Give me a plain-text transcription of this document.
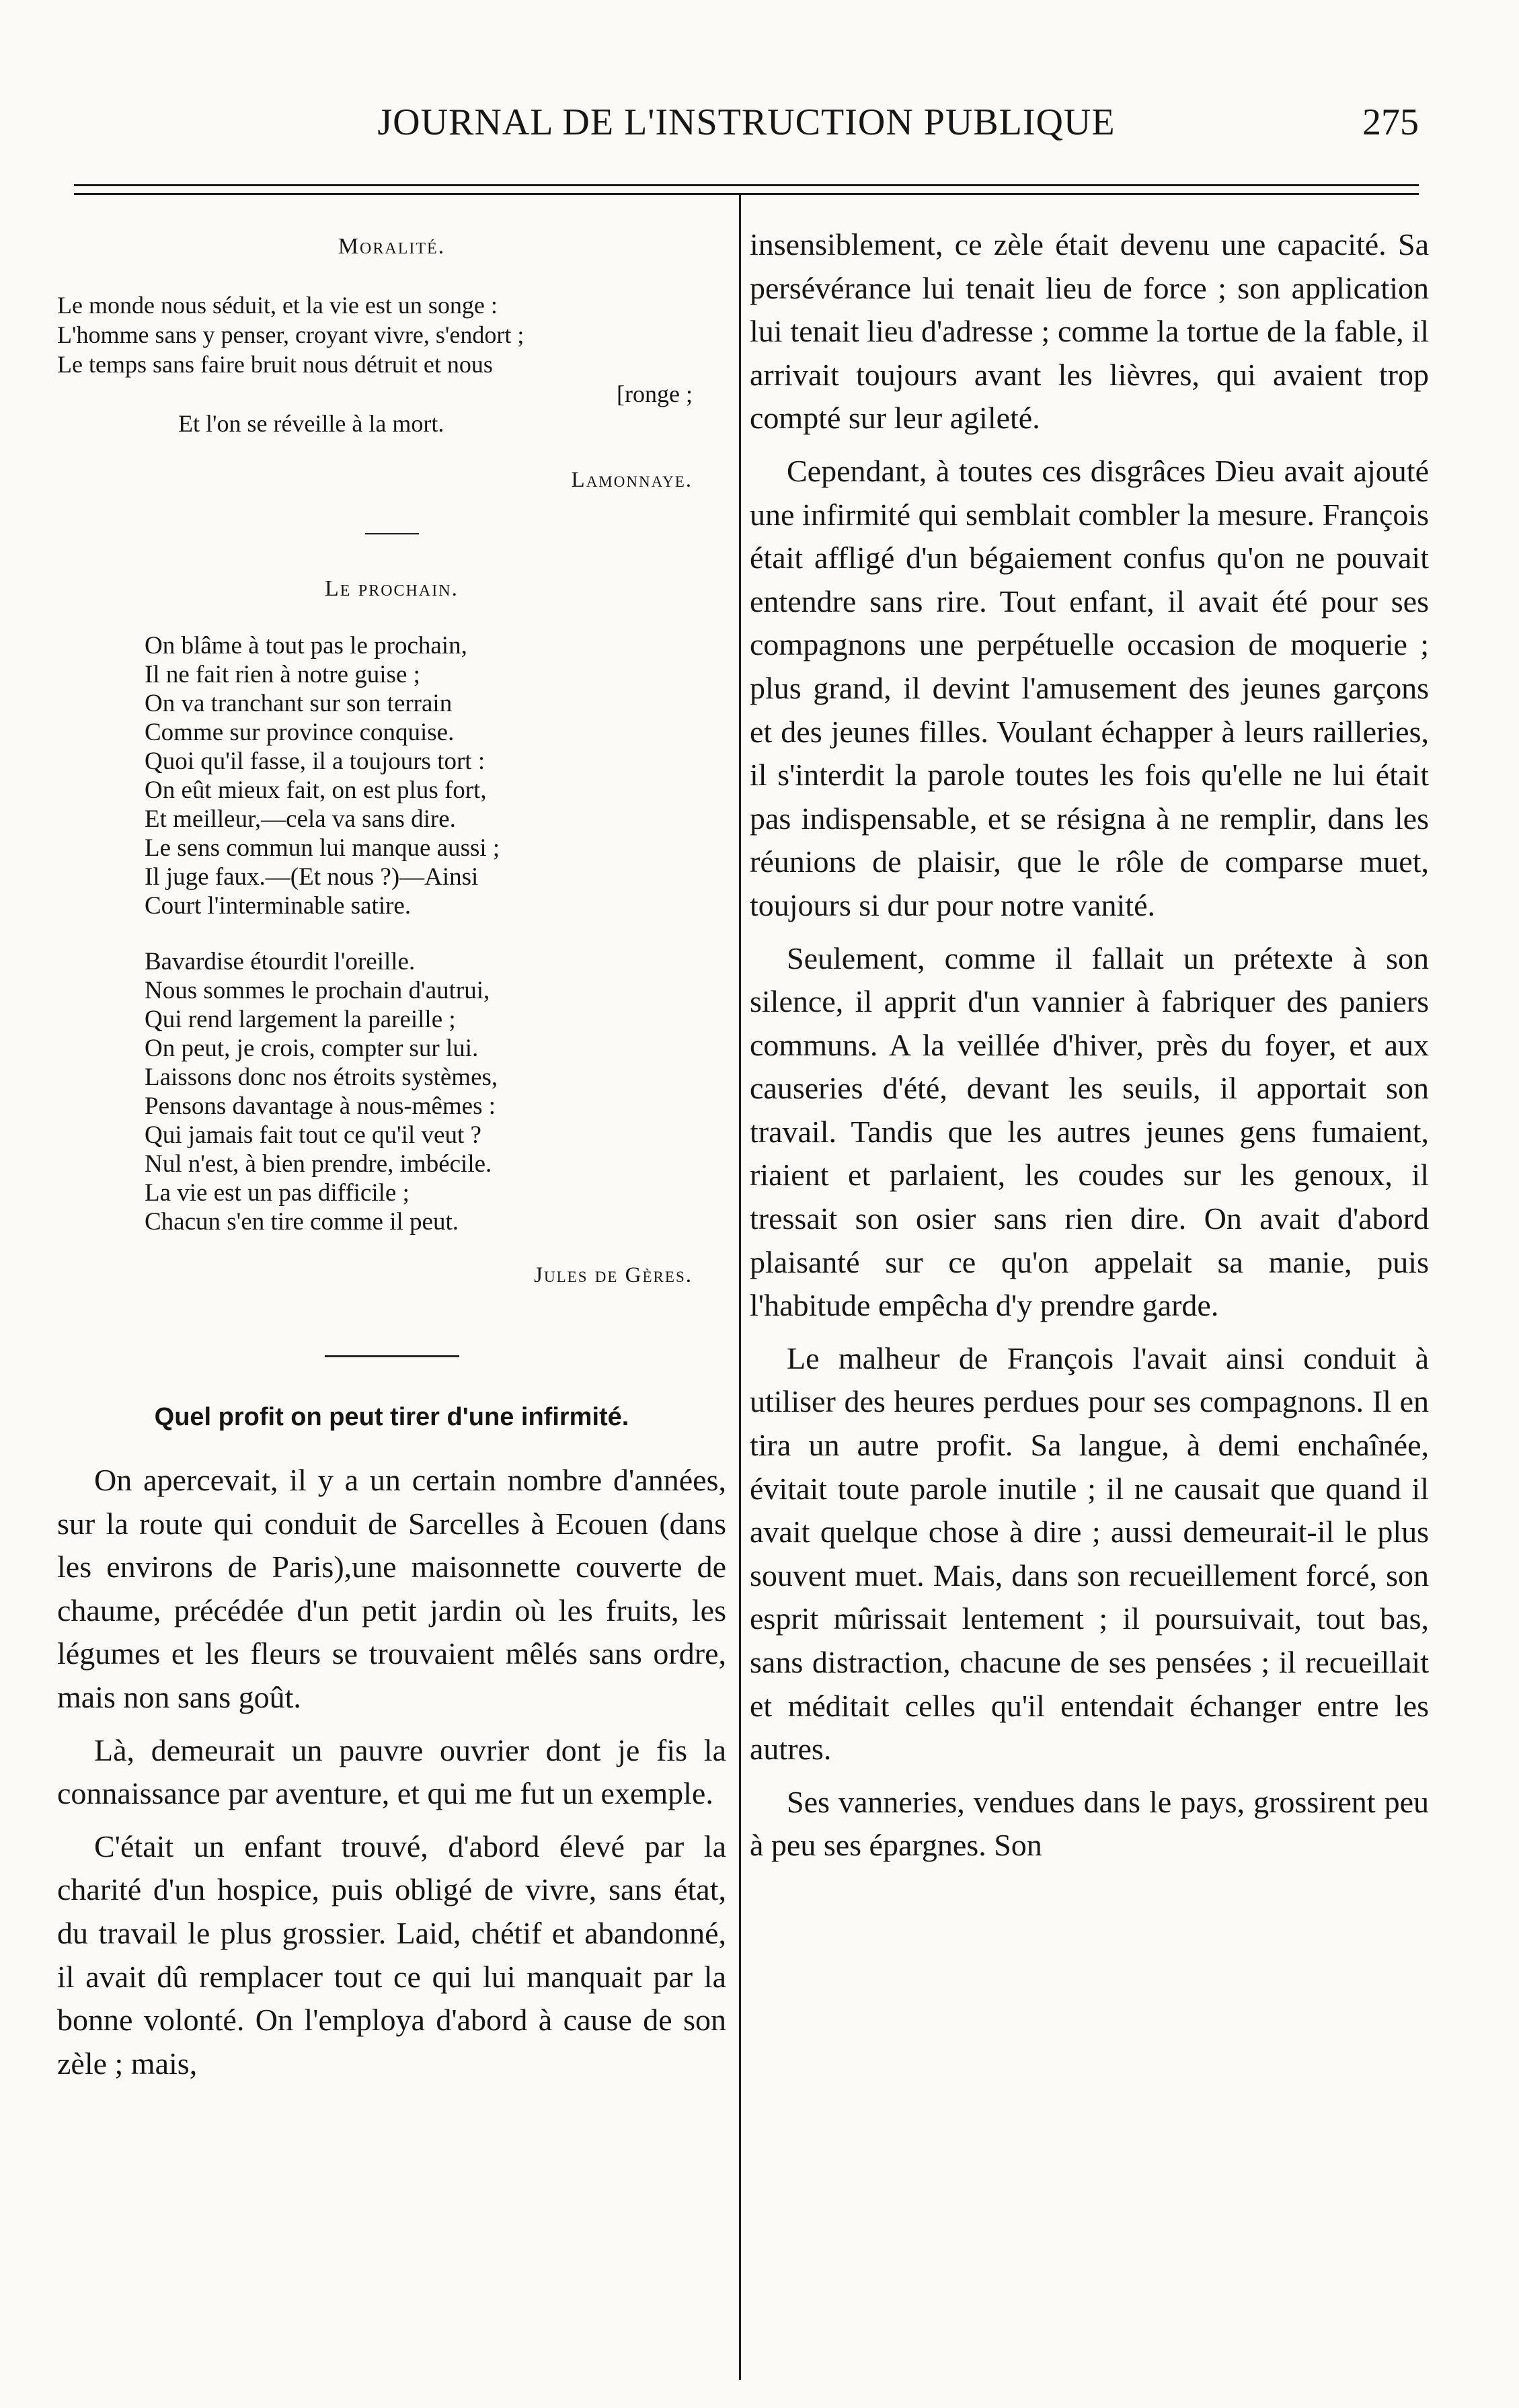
JOURNAL DE L'INSTRUCTION PUBLIQUE	275
Moralité.
Le monde nous séduit, et la vie est un songe :
L'homme sans y penser, croyant vivre, s'endort ;
Le temps sans faire bruit nous détruit et nous
[ronge ;
Et l'on se réveille à la mort.
Lamonnaye.
Le prochain.
On blâme à tout pas le prochain,
Il ne fait rien à notre guise ;
On va tranchant sur son terrain
Comme sur province conquise.
Quoi qu'il fasse, il a toujours tort :
On eût mieux fait, on est plus fort,
Et meilleur,—cela va sans dire.
Le sens commun lui manque aussi ;
Il juge faux.—(Et nous ?)—Ainsi
Court l'interminable satire.
Bavardise étourdit l'oreille.
Nous sommes le prochain d'autrui,
Qui rend largement la pareille ;
On peut, je crois, compter sur lui.
Laissons donc nos étroits systèmes,
Pensons davantage à nous-mêmes :
Qui jamais fait tout ce qu'il veut ?
Nul n'est, à bien prendre, imbécile.
La vie est un pas difficile ;
Chacun s'en tire comme il peut.
Jules de Gères.
Quel profit on peut tirer d'une infirmité.

On apercevait, il y a un certain nombre d'années, sur la route qui conduit de Sarcelles à Ecouen (dans les environs de Paris),une maisonnette couverte de chaume, précédée d'un petit jardin où les fruits, les légumes et les fleurs se trouvaient mêlés sans ordre, mais non sans goût.

Là, demeurait un pauvre ouvrier dont je fis la connaissance par aventure, et qui me fut un exemple.

C'était un enfant trouvé, d'abord élevé par la charité d'un hospice, puis obligé de vivre, sans état, du travail le plus grossier. Laid, chétif et abandonné, il avait dû remplacer tout ce qui lui manquait par la bonne volonté. On l'employa d'abord à cause de son zèle ; mais,

insensiblement, ce zèle était devenu une capacité. Sa persévérance lui tenait lieu de force ; son application lui tenait lieu d'adresse ; comme la tortue de la fable, il arrivait toujours avant les lièvres, qui avaient trop compté sur leur agileté.

Cependant, à toutes ces disgrâces Dieu avait ajouté une infirmité qui semblait combler la mesure. François était affligé d'un bégaiement confus qu'on ne pouvait entendre sans rire. Tout enfant, il avait été pour ses compagnons une perpétuelle occasion de moquerie ; plus grand, il devint l'amusement des jeunes garçons et des jeunes filles. Voulant échapper à leurs railleries, il s'interdit la parole toutes les fois qu'elle ne lui était pas indispensable, et se résigna à ne remplir, dans les réunions de plaisir, que le rôle de comparse muet, toujours si dur pour notre vanité.

Seulement, comme il fallait un prétexte à son silence, il apprit d'un vannier à fabriquer des paniers communs. A la veillée d'hiver, près du foyer, et aux causeries d'été, devant les seuils, il apportait son travail. Tandis que les autres jeunes gens fumaient, riaient et parlaient, les coudes sur les genoux, il tressait son osier sans rien dire. On avait d'abord plaisanté sur ce qu'on appelait sa manie, puis l'habitude empêcha d'y prendre garde.

Le malheur de François l'avait ainsi conduit à utiliser des heures perdues pour ses compagnons. Il en tira un autre profit. Sa langue, à demi enchaînée, évitait toute parole inutile ; il ne causait que quand il avait quelque chose à dire ; aussi demeurait-il le plus souvent muet. Mais, dans son recueillement forcé, son esprit mûrissait lentement ; il poursuivait, tout bas, sans distraction, chacune de ses pensées ; il recueillait et méditait celles qu'il entendait échanger entre les autres.

Ses vanneries, vendues dans le pays, grossirent peu à peu ses épargnes. Son
